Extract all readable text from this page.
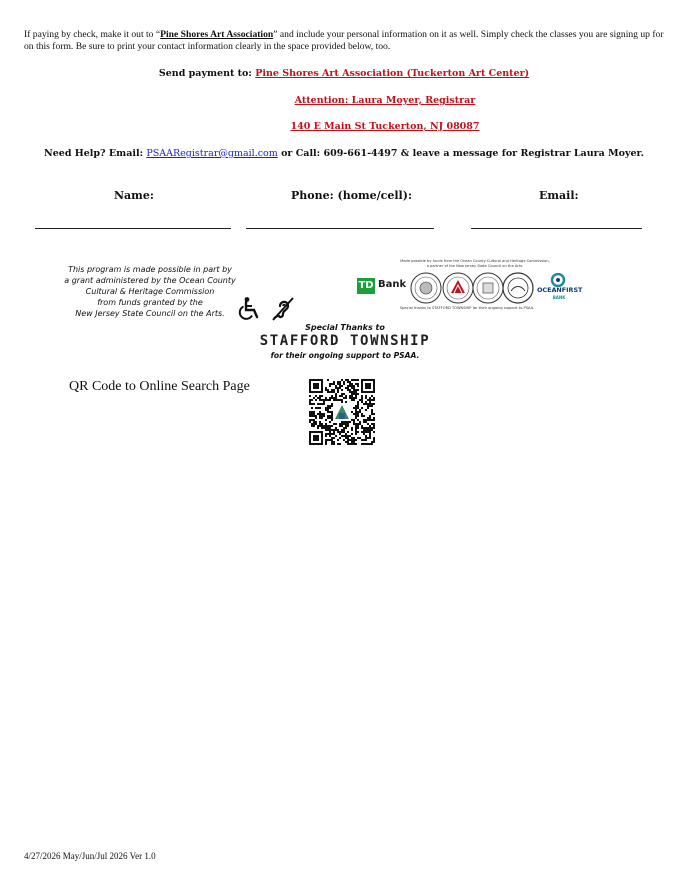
If paying by check, make it out to “Pine Shores Art Association” and include your personal information on it as well. Simply check the classes you are signing up for on this form. Be sure to print your contact information clearly in the space provided below, too.
Send payment to: Pine Shores Art Association (Tuckerton Art Center)
Attention: Laura Moyer, Registrar
140 E Main St Tuckerton, NJ 08087
Need Help? Email: PSAARegistrar@gmail.com or Call: 609-661-4497 & leave a message for Registrar Laura Moyer.
Name:	Phone: (home/cell):	Email:
This program is made possible in part by
a grant administered by the Ocean County
Cultural & Heritage Commission
from funds granted by the
New Jersey State Council on the Arts.
Made possible by funds from the Ocean County Cultural and Heritage Commission,
a partner of the New Jersey State Council on the Arts.
TD Bank
Special thanks to STAFFORD TOWNSHIP for their ongoing support to PSAA.
OCEANFIRST
BANK
Special Thanks to
STAFFORD TOWNSHIP
for their ongoing support to PSAA.
QR Code to Online Search Page
4/27/2026 May/Jun/Jul 2026 Ver 1.0
